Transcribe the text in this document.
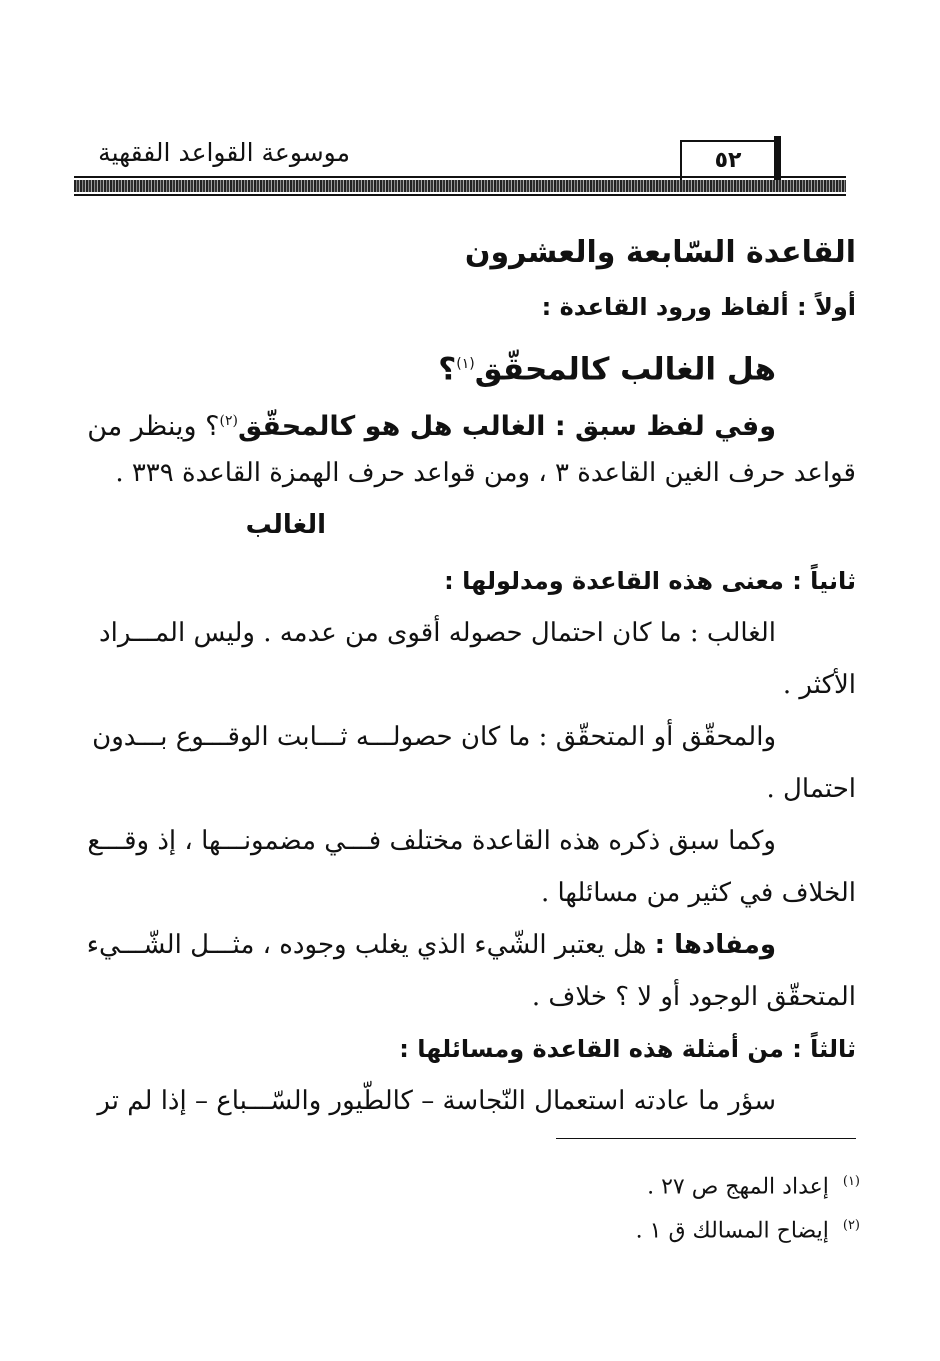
موسوعة القواعد الفقهية	٥٢
القاعدة السّابعة والعشرون
أولاً : ألفاظ ورود القاعدة :
هل الغالب كالمحقّق$^{(١)}$؟
وفي لفظ سبق : الغالب هل هو كالمحقّق$^{(٢)}$؟ وينظر من
قواعد حرف الغين القاعدة ٣ ، ومن قواعد حرف الهمزة القاعدة ٣٣٩ .
الغالب
ثانياً : معنى هذه القاعدة ومدلولها :
الغالب : ما كان احتمال حصوله أقوى من عدمه . وليس المـــراد
الأكثر .
والمحقّق أو المتحقّق : ما كان حصولـــه ثـــابت الوقـــوع بـــدون
احتمال .
وكما سبق ذكره هذه القاعدة مختلف فـــي مضمونـــها ، إذ وقـــع
الخلاف في كثير من مسائلها .
ومفادها : هل يعتبر الشّيء الذي يغلب وجوده ، مثـــل الشّـــيء
المتحقّق الوجود أو لا ؟ خلاف .
ثالثاً : من أمثلة هذه القاعدة ومسائلها :
سؤر ما عادته استعمال النّجاسة – كالطّيور والسّـــباع – إذا لم تر
$^{(١)}$  إعداد المهج ص ٢٧ .
$^{(٢)}$  إيضاح المسالك ق ١ .
